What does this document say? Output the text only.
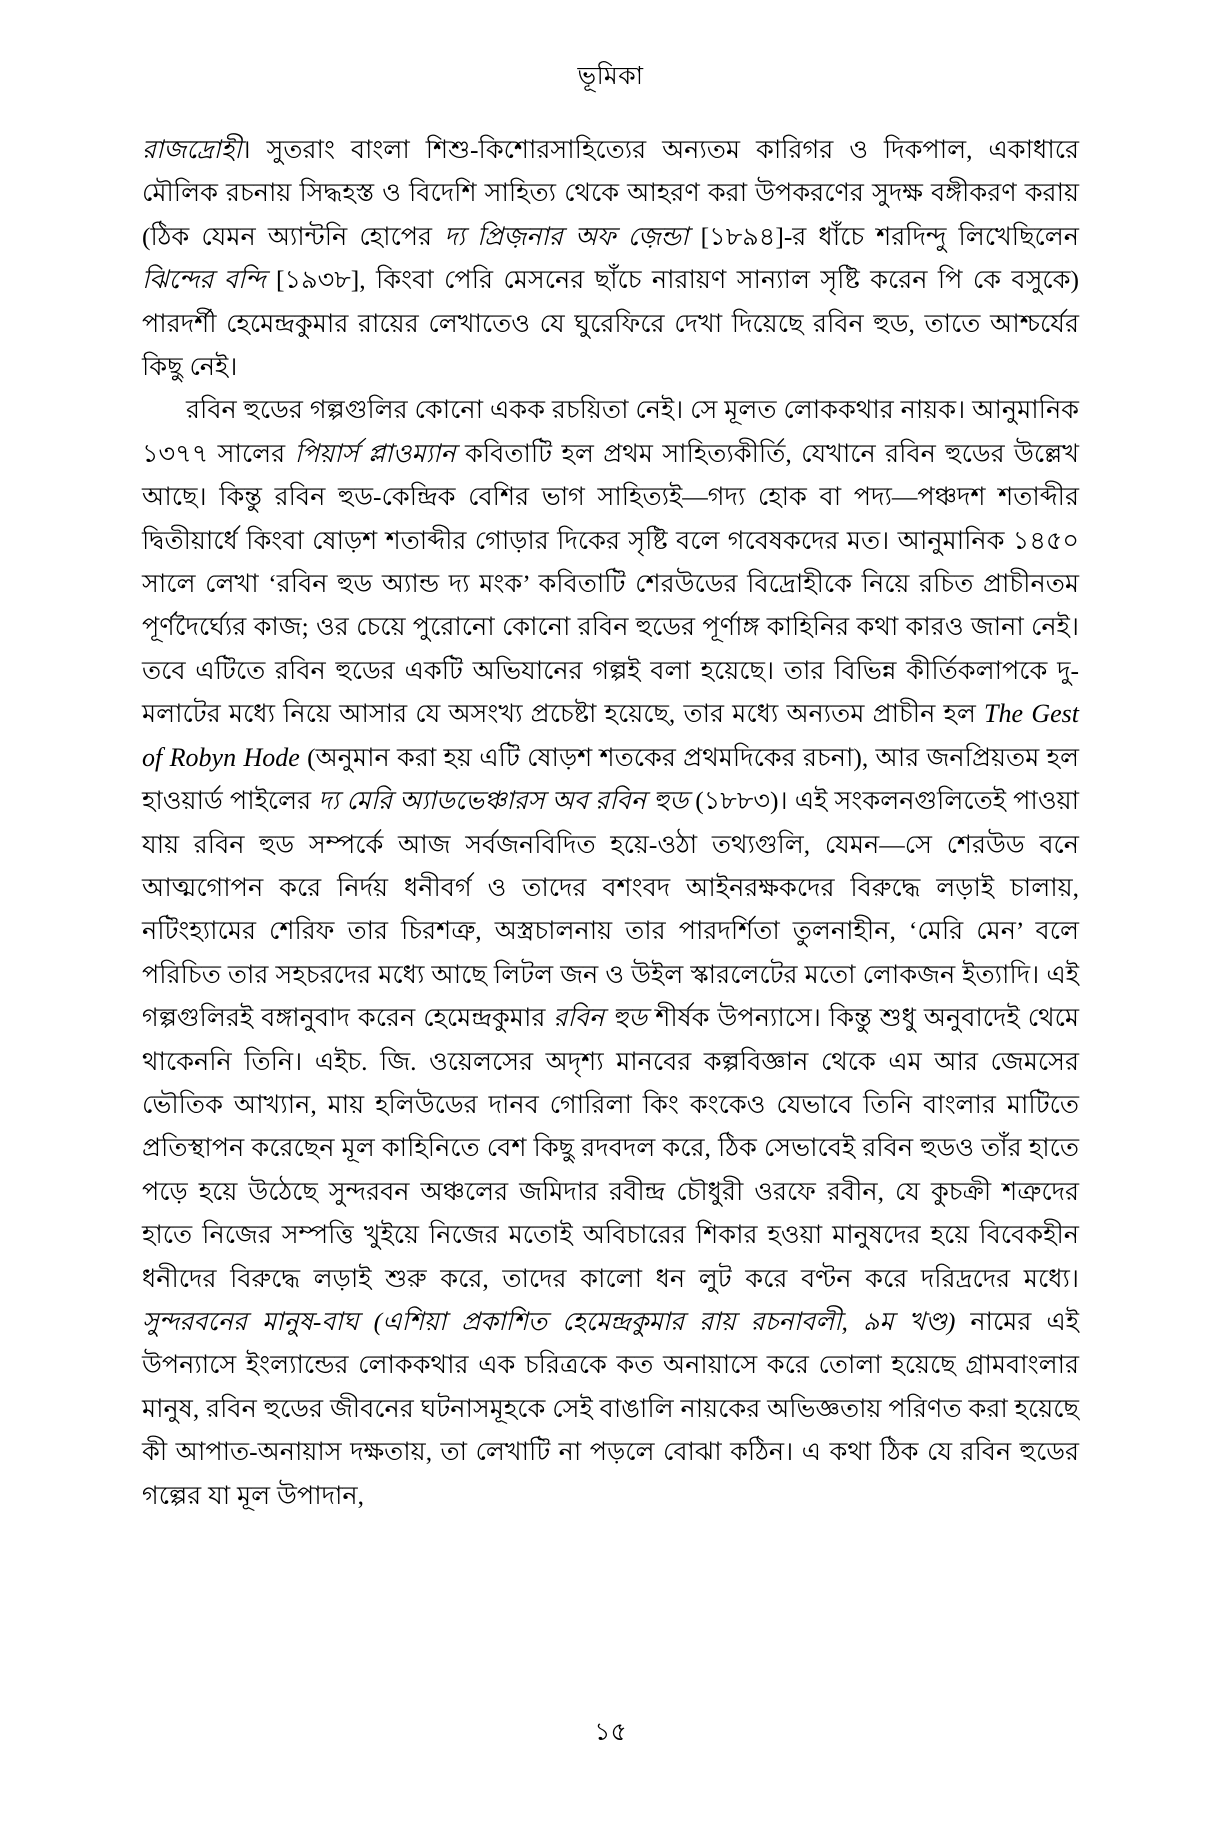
ভূমিকা

রাজদ্রোহী। সুতরাং বাংলা শিশু-কিশোরসাহিত্যের অন্যতম কারিগর ও দিকপাল, একাধারে মৌলিক রচনায় সিদ্ধহস্ত ও বিদেশি সাহিত্য থেকে আহরণ করা উপকরণের সুদক্ষ বঙ্গীকরণ করায় (ঠিক যেমন অ্যান্টনি হোপের দ্য প্রিজ়নার অফ জ়েন্ডা [১৮৯৪]-র ধাঁচে শরদিন্দু লিখেছিলেন ঝিন্দের বন্দি [১৯৩৮], কিংবা পেরি মেসনের ছাঁচে নারায়ণ সান্যাল সৃষ্টি করেন পি কে বসুকে) পারদর্শী হেমেন্দ্রকুমার রায়ের লেখাতেও যে ঘুরেফিরে দেখা দিয়েছে রবিন হুড, তাতে আশ্চর্যের কিছু নেই।

রবিন হুডের গল্পগুলির কোনো একক রচয়িতা নেই। সে মূলত লোককথার নায়ক। আনুমানিক ১৩৭৭ সালের পিয়ার্স প্লাওম্যান কবিতাটি হল প্রথম সাহিত্যকীর্তি, যেখানে রবিন হুডের উল্লেখ আছে। কিন্তু রবিন হুড-কেন্দ্রিক বেশির ভাগ সাহিত্যই—গদ্য হোক বা পদ্য—পঞ্চদশ শতাব্দীর দ্বিতীয়ার্ধে কিংবা ষোড়শ শতাব্দীর গোড়ার দিকের সৃষ্টি বলে গবেষকদের মত। আনুমানিক ১৪৫০ সালে লেখা ‘রবিন হুড অ্যান্ড দ্য মংক’ কবিতাটি শেরউডের বিদ্রোহীকে নিয়ে রচিত প্রাচীনতম পূর্ণদৈর্ঘ্যের কাজ; ওর চেয়ে পুরোনো কোনো রবিন হুডের পূর্ণাঙ্গ কাহিনির কথা কারও জানা নেই। তবে এটিতে রবিন হুডের একটি অভিযানের গল্পই বলা হয়েছে। তার বিভিন্ন কীর্তিকলাপকে দু-মলাটের মধ্যে নিয়ে আসার যে অসংখ্য প্রচেষ্টা হয়েছে, তার মধ্যে অন্যতম প্রাচীন হল The Gest of Robyn Hode (অনুমান করা হয় এটি ষোড়শ শতকের প্রথমদিকের রচনা), আর জনপ্রিয়তম হল হাওয়ার্ড পাইলের দ্য মেরি অ্যাডভেঞ্চারস অব রবিন হুড (১৮৮৩)। এই সংকলনগুলিতেই পাওয়া যায় রবিন হুড সম্পর্কে আজ সর্বজনবিদিত হয়ে-ওঠা তথ্যগুলি, যেমন—সে শেরউড বনে আত্মগোপন করে নির্দয় ধনীবর্গ ও তাদের বশংবদ আইনরক্ষকদের বিরুদ্ধে লড়াই চালায়, নটিংহ্যামের শেরিফ তার চিরশত্রু, অস্ত্রচালনায় তার পারদর্শিতা তুলনাহীন, ‘মেরি মেন’ বলে পরিচিত তার সহচরদের মধ্যে আছে লিটল জন ও উইল স্কারলেটের মতো লোকজন ইত্যাদি। এই গল্পগুলিরই বঙ্গানুবাদ করেন হেমেন্দ্রকুমার রবিন হুড শীর্ষক উপন্যাসে। কিন্তু শুধু অনুবাদেই থেমে থাকেননি তিনি। এইচ. জি. ওয়েলসের অদৃশ্য মানবের কল্পবিজ্ঞান থেকে এম আর জেমসের ভৌতিক আখ্যান, মায় হলিউডের দানব গোরিলা কিং কংকেও যেভাবে তিনি বাংলার মাটিতে প্রতিস্থাপন করেছেন মূল কাহিনিতে বেশ কিছু রদবদল করে, ঠিক সেভাবেই রবিন হুডও তাঁর হাতে পড়ে হয়ে উঠেছে সুন্দরবন অঞ্চলের জমিদার রবীন্দ্র চৌধুরী ওরফে রবীন, যে কুচক্রী শত্রুদের হাতে নিজের সম্পত্তি খুইয়ে নিজের মতোই অবিচারের শিকার হওয়া মানুষদের হয়ে বিবেকহীন ধনীদের বিরুদ্ধে লড়াই শুরু করে, তাদের কালো ধন লুট করে বণ্টন করে দরিদ্রদের মধ্যে। সুন্দরবনের মানুষ-বাঘ (এশিয়া প্রকাশিত হেমেন্দ্রকুমার রায় রচনাবলী, ৯ম খণ্ড) নামের এই উপন্যাসে ইংল্যান্ডের লোককথার এক চরিত্রকে কত অনায়াসে করে তোলা হয়েছে গ্রামবাংলার মানুষ, রবিন হুডের জীবনের ঘটনাসমূহকে সেই বাঙালি নায়কের অভিজ্ঞতায় পরিণত করা হয়েছে কী আপাত-অনায়াস দক্ষতায়, তা লেখাটি না পড়লে বোঝা কঠিন। এ কথা ঠিক যে রবিন হুডের গল্পের যা মূল উপাদান,

১৫
